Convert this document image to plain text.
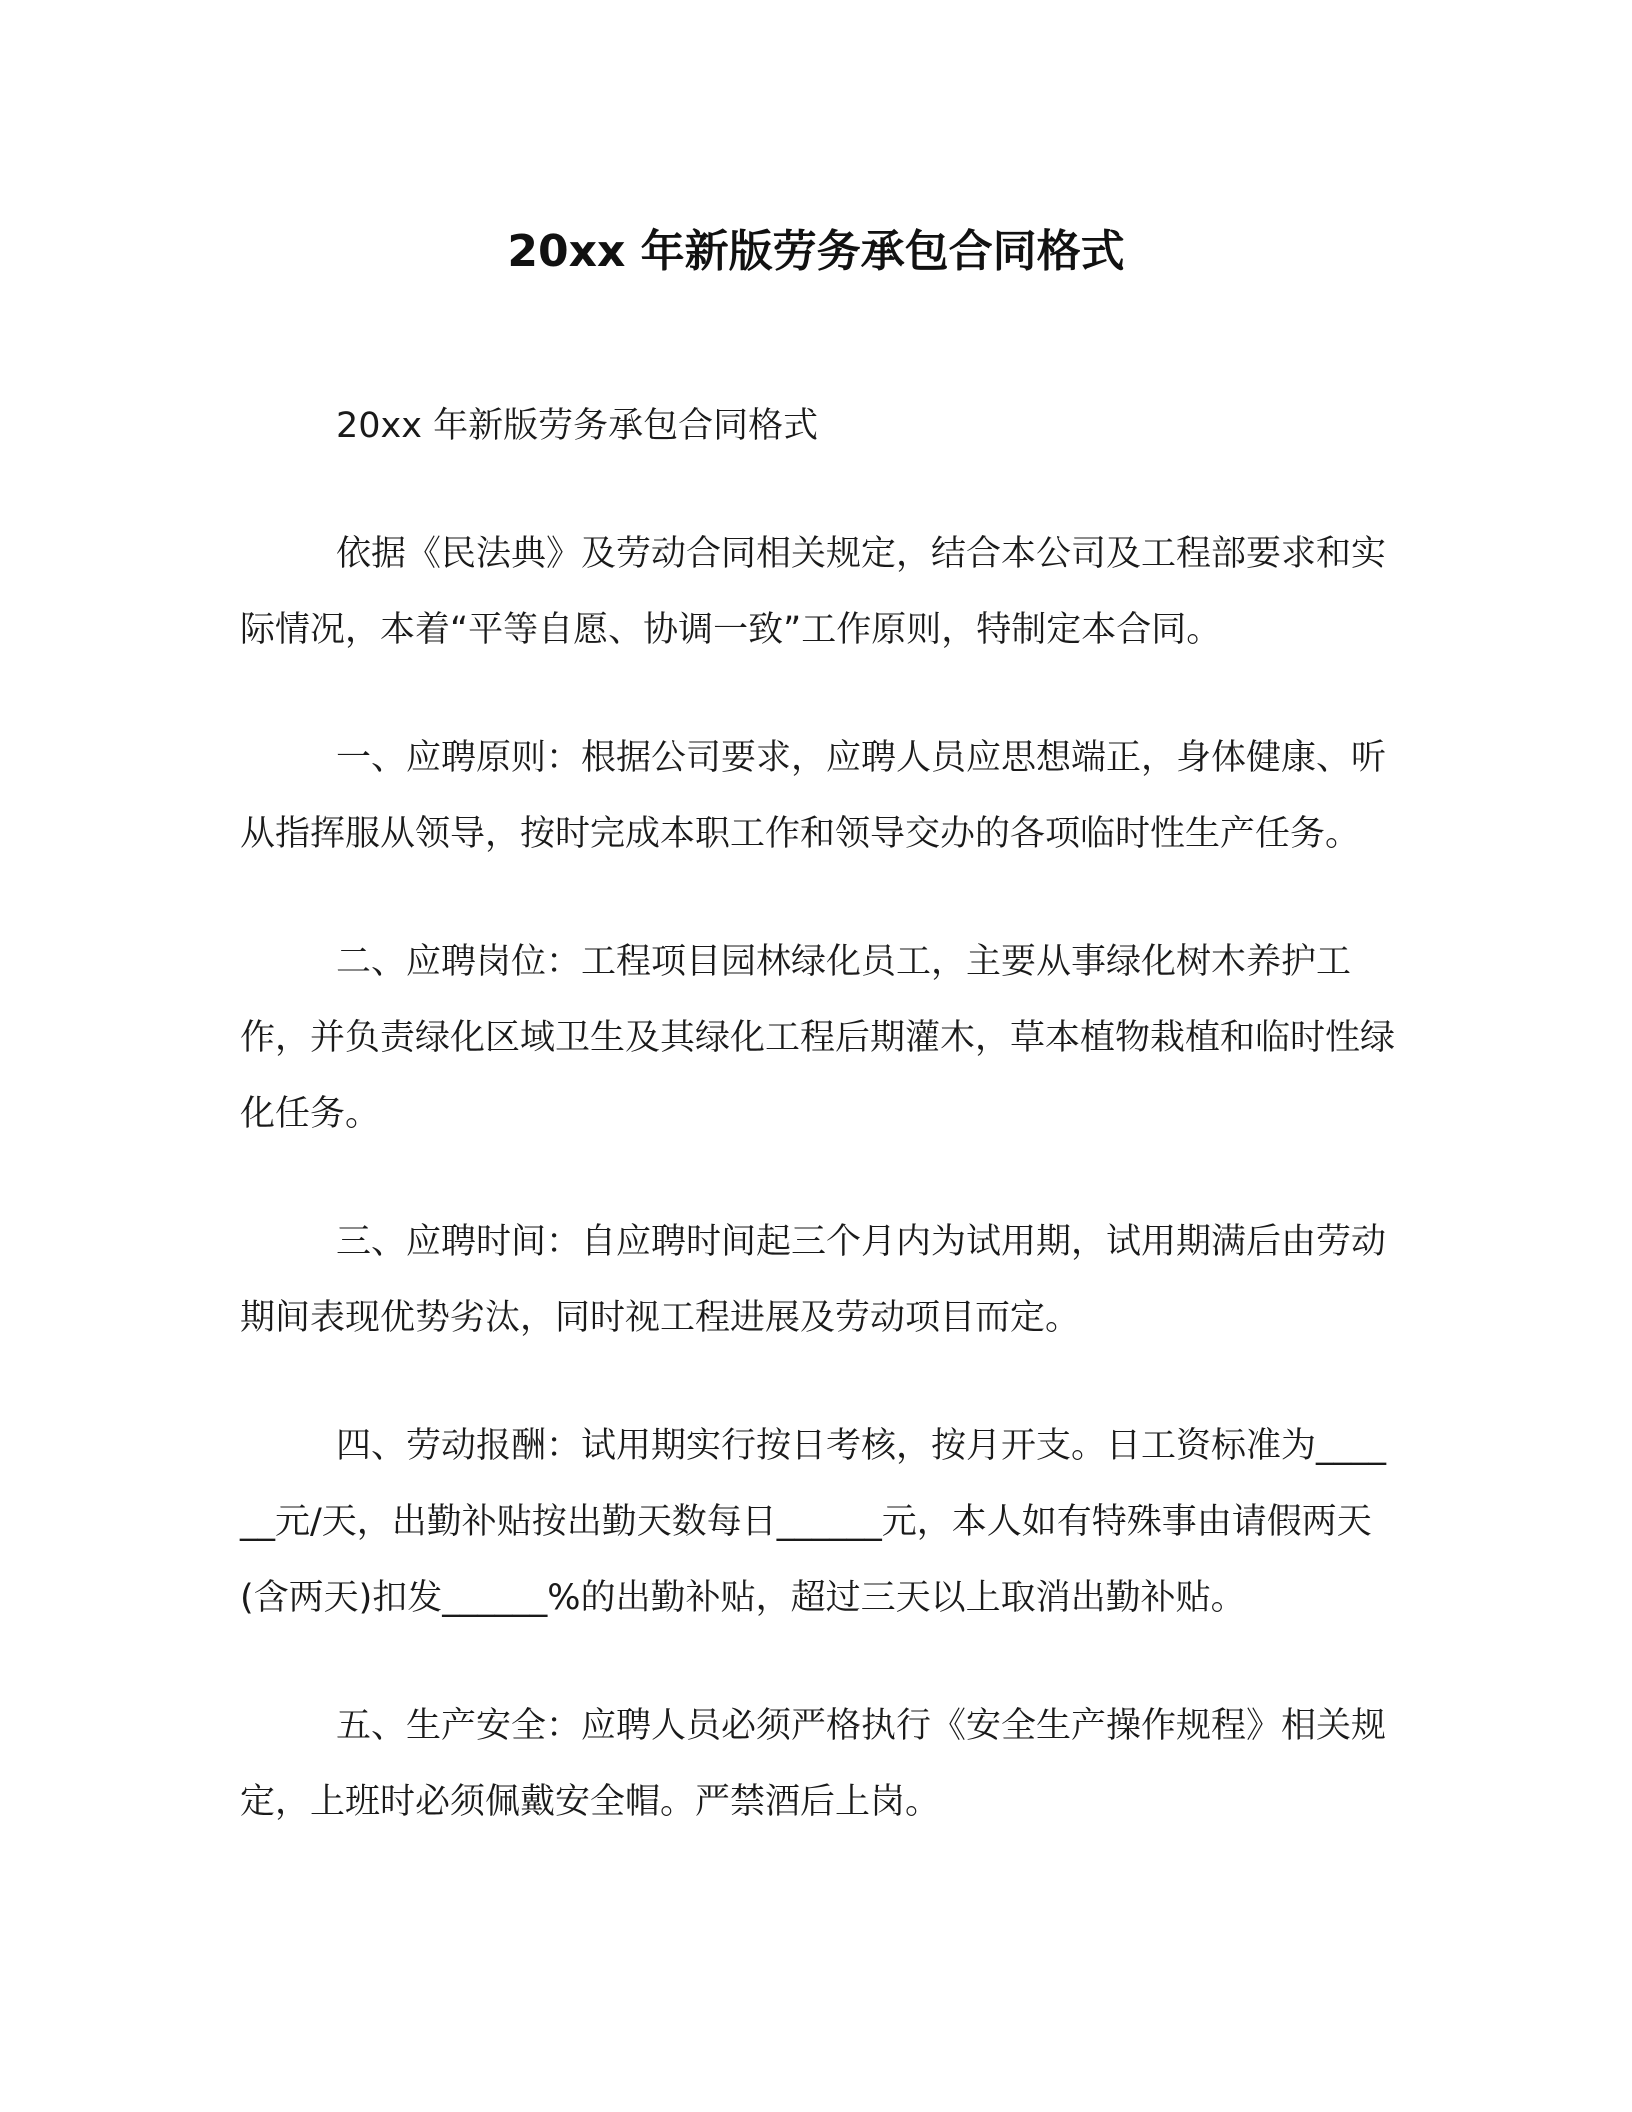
20xx 年新版劳务承包合同格式

20xx 年新版劳务承包合同格式

依据《民法典》及劳动合同相关规定，结合本公司及工程部要求和实际情况，本着“平等自愿、协调一致”工作原则，特制定本合同。

一、应聘原则：根据公司要求，应聘人员应思想端正，身体健康、听从指挥服从领导，按时完成本职工作和领导交办的各项临时性生产任务。

二、应聘岗位：工程项目园林绿化员工，主要从事绿化树木养护工作，并负责绿化区域卫生及其绿化工程后期灌木，草本植物栽植和临时性绿化任务。

三、应聘时间：自应聘时间起三个月内为试用期，试用期满后由劳动期间表现优势劣汰，同时视工程进展及劳动项目而定。

四、劳动报酬：试用期实行按日考核，按月开支。日工资标准为______元/天，出勤补贴按出勤天数每日______元，本人如有特殊事由请假两天(含两天)扣发______%的出勤补贴，超过三天以上取消出勤补贴。

五、生产安全：应聘人员必须严格执行《安全生产操作规程》相关规定，上班时必须佩戴安全帽。严禁酒后上岗。
